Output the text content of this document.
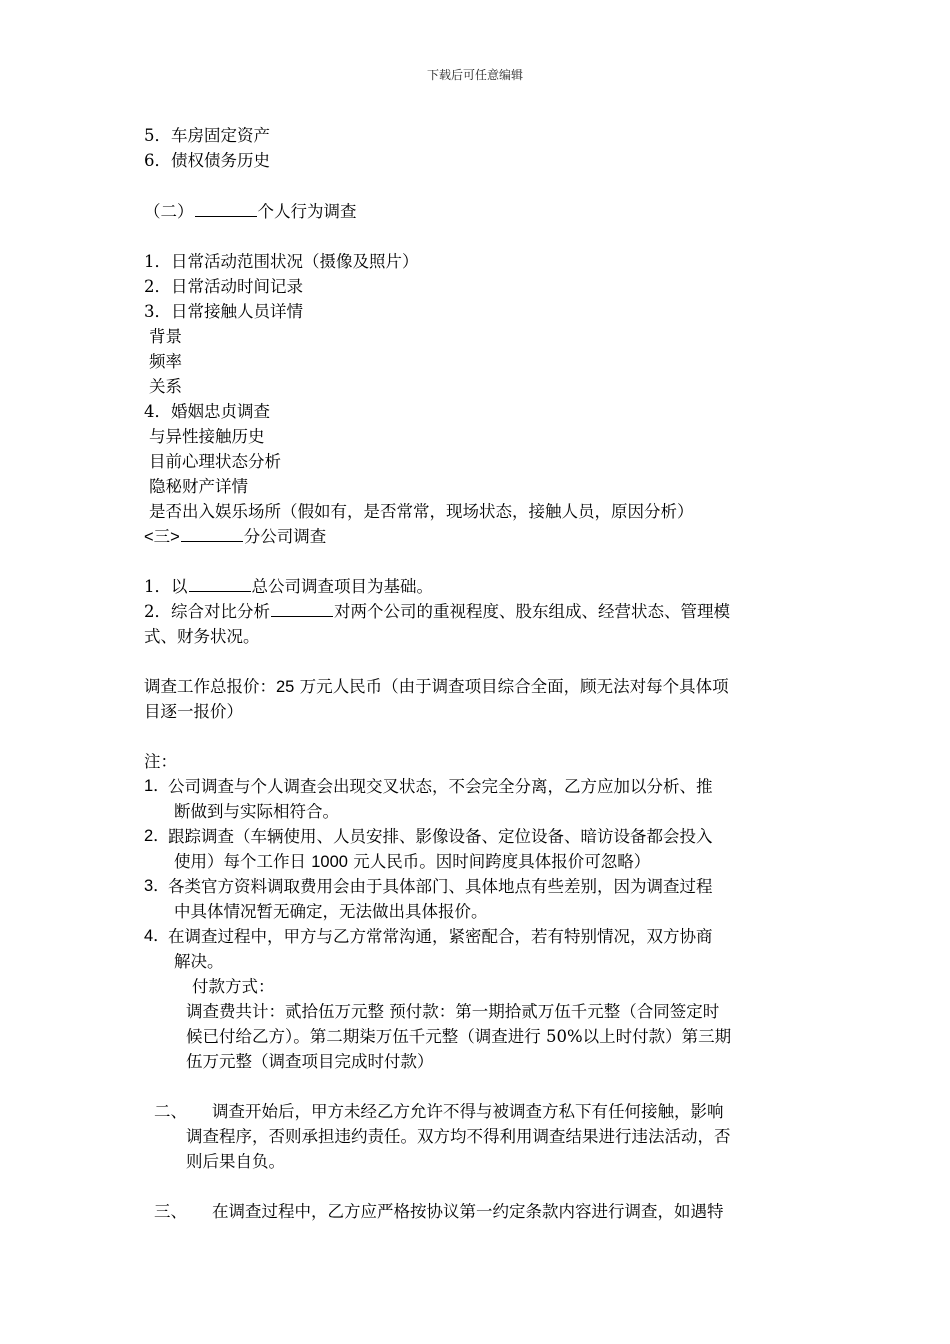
下载后可任意编辑
5．车房固定资产
6．债权债务历史
（二）	个人行为调查
1．日常活动范围状况（摄像及照片）
2．日常活动时间记录
3．日常接触人员详情
背景
频率
关系
4．婚姻忠贞调查
与异性接触历史
目前心理状态分析
隐秘财产详情
是否出入娱乐场所（假如有，是否常常，现场状态，接触人员，原因分析）
<三>	分公司调查
1．以	总公司调查项目为基础。
2．综合对比分析	对两个公司的重视程度、股东组成、经营状态、管理模
式、财务状况。
调查工作总报价：25 万元人民币（由于调查项目综合全面，顾无法对每个具体项
目逐一报价）
注：
1．
公司调查与个人调查会出现交叉状态，不会完全分离，乙方应加以分析、推
断做到与实际相符合。
2．
跟踪调查（车辆使用、人员安排、影像设备、定位设备、暗访设备都会投入
使用）每个工作日 1000 元人民币。因时间跨度具体报价可忽略）
3．
各类官方资料调取费用会由于具体部门、具体地点有些差别，因为调查过程
中具体情况暂无确定，无法做出具体报价。
4．
在调查过程中，甲方与乙方常常沟通，紧密配合，若有特别情况，双方协商
解决。
付款方式：
调查费共计：贰拾伍万元整 预付款：第一期拾贰万伍千元整（合同签定时
候已付给乙方）。第二期柒万伍千元整（调查进行 50%以上时付款）第三期
伍万元整（调查项目完成时付款）
二、 调查开始后，甲方未经乙方允许不得与被调查方私下有任何接触，影响
调查程序，否则承担违约责任。双方均不得利用调查结果进行违法活动，否
则后果自负。
三、 在调查过程中，乙方应严格按协议第一约定条款内容进行调查，如遇特
